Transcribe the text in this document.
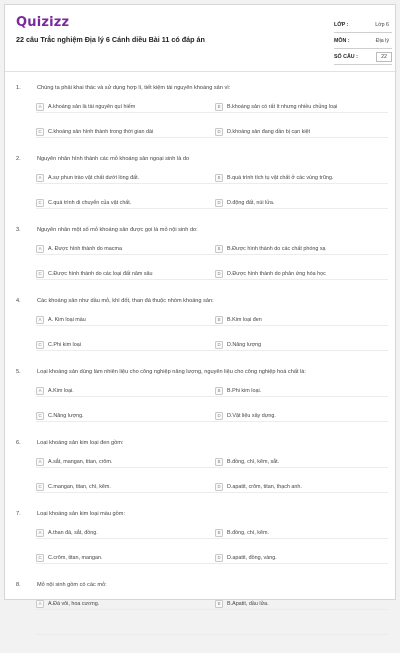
Quizizz
22 câu Trắc nghiệm Địa lý 6 Cánh diều Bài 11 có đáp án
LỚP :	Lớp 6
MÔN :	Địa lý
SỐ CÂU :	22
1.	Chúng ta phải khai thác và sử dụng hợp lí, tiết kiệm tài nguyên khoáng sản vì:
A	A.khoáng sản là tài nguyên quí hiếm	B	B.khoáng sản có rất ít nhưng nhiều chủng loại
C	C.khoáng sản hình thành trong thời gian dài	D	D.khoáng sản đang dần bị cạn kiệt
2.	Nguyên nhân hình thành các mỏ khoáng sản ngoại sinh là do
A	A.sự phun trào vật chất dưới lòng đất.	B	B.quá trình tích tụ vật chất ở các vùng trũng.
C	C.quá trình di chuyển của vật chất.	D	D.động đất, núi lửa.
3.	Nguyên nhân một số mỏ khoáng sản được gọi là mỏ nội sinh do:
A	A. Được hình thành do macma	B	B.Được hình thành do các chất phóng xạ
C	C.Được hình thành do các loại đất nâm sâu	D	D.Được hình thành do phản ứng hóa học
4.	Các khoáng sản như dầu mỏ, khí đốt, than đá thuộc nhóm khoáng sản:
A	A. Kim loại màu	B	B.Kim loại đen
C	C.Phi kim loại	D	D.Năng lượng
5.	Loại khoáng sản dùng làm nhiên liệu cho công nghiệp năng lượng, nguyên liệu cho công nghiệp hoá chất là:
A	A.Kim loại.	B	B.Phi kim loại.
C	C.Năng lượng.	D	D.Vật liệu xây dựng.
6.	Loại khoáng sản kim loại đen gồm:
A	A.sắt, mangan, titan, crôm.	B	B.đồng, chì, kẽm, sắt.
C	C.mangan, titan, chì, kẽm.	D	D.apatit, crôm, titan, thạch anh.
7.	Loại khoáng sản kim loại màu gồm:
A	A.than đá, sắt, đồng.	B	B.đồng, chì, kẽm.
C	C.crôm, titan, mangan.	D	D.apatit, đồng, vàng.
8.	Mỏ nội sinh gồm có các mỏ:
A	A.Đá vôi, hoa cương.	B	B.Apatit, dầu lửa.
